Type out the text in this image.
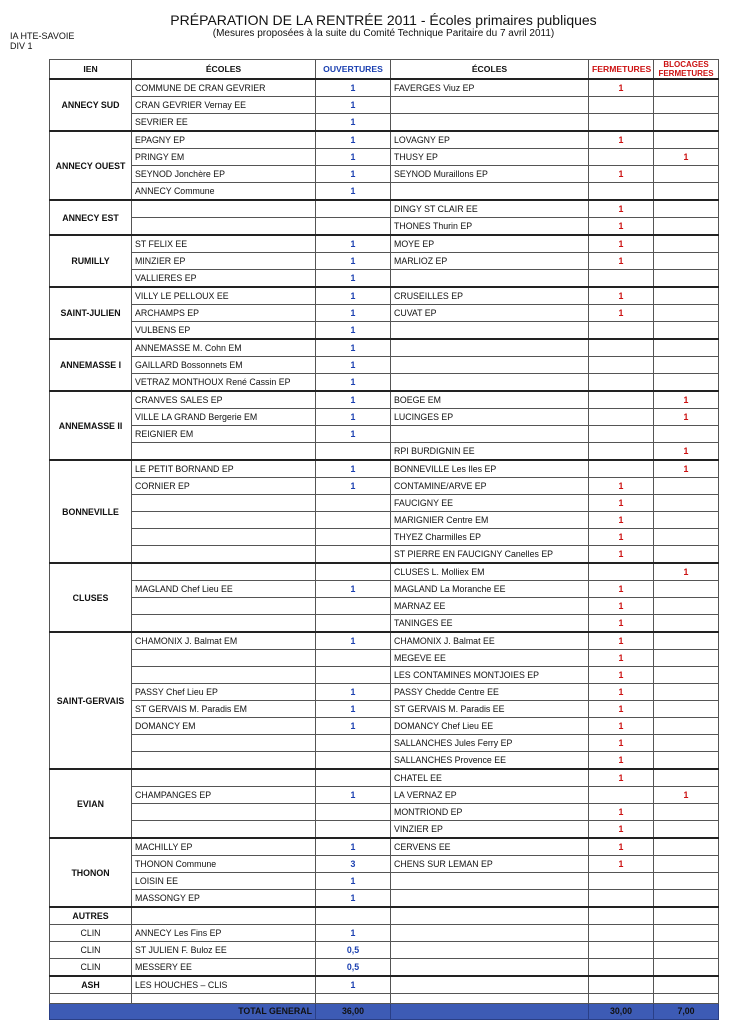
IA HTE-SAVOIE
DIV 1
PRÉPARATION DE LA RENTRÉE 2011 - Écoles primaires publiques
(Mesures proposées à la suite du Comité Technique Paritaire du 7 avril 2011)
IEN	ÉCOLES	OUVERTURES	ÉCOLES	FERMETURES	BLOCAGES
FERMETURES
ANNECY SUD	COMMUNE DE CRAN GEVRIER	1	FAVERGES Viuz EP	1	
	CRAN GEVRIER Vernay EE	1			
	SEVRIER EE	1			
ANNECY OUEST	EPAGNY EP	1	LOVAGNY EP	1	
	PRINGY EM	1	THUSY EP		1
	SEYNOD Jonchère EP	1	SEYNOD Muraillons EP	1	
	ANNECY Commune	1			
ANNECY EST			DINGY ST CLAIR EE	1	
			THONES Thurin EP	1	
RUMILLY	ST FELIX EE	1	MOYE EP	1	
	MINZIER EP	1	MARLIOZ EP	1	
	VALLIERES EP	1			
SAINT-JULIEN	VILLY LE PELLOUX EE	1	CRUSEILLES EP	1	
	ARCHAMPS EP	1	CUVAT EP	1	
	VULBENS EP	1			
ANNEMASSE I	ANNEMASSE M. Cohn EM	1			
	GAILLARD Bossonnets EM	1			
	VETRAZ MONTHOUX René Cassin EP	1			
ANNEMASSE II	CRANVES SALES EP	1	BOEGE EM		1
	VILLE LA GRAND Bergerie EM	1	LUCINGES EP		1
	REIGNIER EM	1			
			RPI BURDIGNIN EE		1
BONNEVILLE	LE PETIT BORNAND EP	1	BONNEVILLE Les Iles EP		1
	CORNIER EP	1	CONTAMINE/ARVE EP	1	
			FAUCIGNY EE	1	
			MARIGNIER Centre EM	1	
			THYEZ Charmilles EP	1	
			ST PIERRE EN FAUCIGNY Canelles EP	1	
CLUSES			CLUSES L. Molliex EM		1
	MAGLAND Chef Lieu EE	1	MAGLAND La Moranche EE	1	
			MARNAZ EE	1	
			TANINGES EE	1	
SAINT-GERVAIS	CHAMONIX J. Balmat EM	1	CHAMONIX J. Balmat EE	1	
			MEGEVE EE	1	
			LES CONTAMINES MONTJOIES EP	1	
	PASSY Chef Lieu EP	1	PASSY Chedde Centre EE	1	
	ST GERVAIS M. Paradis EM	1	ST GERVAIS M. Paradis EE	1	
	DOMANCY EM	1	DOMANCY Chef Lieu EE	1	
			SALLANCHES Jules Ferry EP	1	
			SALLANCHES Provence EE	1	
EVIAN			CHATEL EE	1	
	CHAMPANGES EP	1	LA VERNAZ EP		1
			MONTRIOND EP	1	
			VINZIER EP	1	
THONON	MACHILLY EP	1	CERVENS EE	1	
	THONON Commune	3	CHENS SUR LEMAN EP	1	
	LOISIN EE	1			
	MASSONGY EP	1			
AUTRES					
CLIN	ANNECY Les Fins EP	1			
CLIN	ST JULIEN F. Buloz EE	0,5			
CLIN	MESSERY EE	0,5			
ASH	LES HOUCHES – CLIS	1			

TOTAL GENERAL		36,00		30,00	7,00
